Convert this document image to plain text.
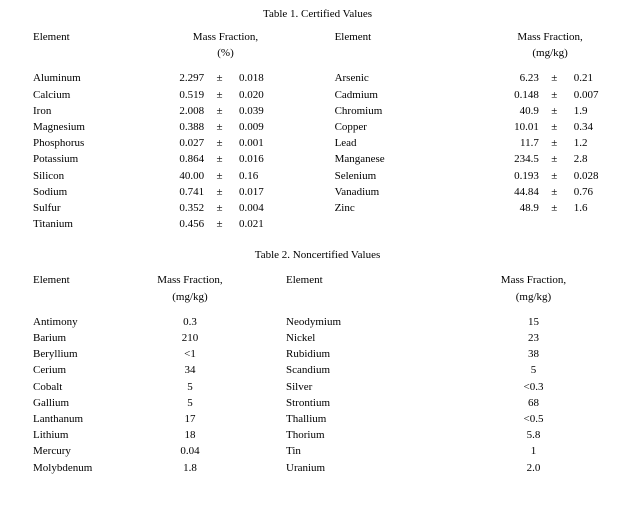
Table 1. Certified Values

Element	Mass Fraction,			Element	Mass Fraction,		
	(%)				(mg/kg)		

Aluminum	2.297	±	0.018	Arsenic	6.23	±	0.21
Calcium	0.519	±	0.020	Cadmium	0.148	±	0.007
Iron	2.008	±	0.039	Chromium	40.9	±	1.9
Magnesium	0.388	±	0.009	Copper	10.01	±	0.34
Phosphorus	0.027	±	0.001	Lead	11.7	±	1.2
Potassium	0.864	±	0.016	Manganese	234.5	±	2.8
Silicon	40.00	±	0.16	Selenium	0.193	±	0.028
Sodium	0.741	±	0.017	Vanadium	44.84	±	0.76
Sulfur	0.352	±	0.004	Zinc	48.9	±	1.6
Titanium	0.456	±	0.021				
Table 2. Noncertified Values

Element	Mass Fraction,	Element	Mass Fraction,
	(mg/kg)		(mg/kg)

Antimony	0.3	Neodymium	15
Barium	210	Nickel	23
Beryllium	<1	Rubidium	38
Cerium	34	Scandium	5
Cobalt	5	Silver	<0.3
Gallium	5	Strontium	68
Lanthanum	17	Thallium	<0.5
Lithium	18	Thorium	5.8
Mercury	0.04	Tin	1
Molybdenum	1.8	Uranium	2.0
